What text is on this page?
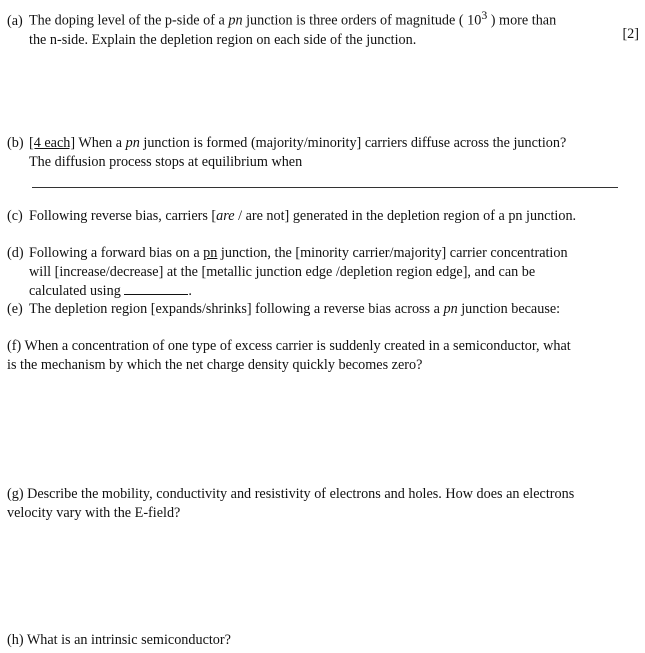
(a) The doping level of the p-side of a pn junction is three orders of magnitude ( $10^3$ ) more than
the n-side. Explain the depletion region on each side of the junction.	[2]
(b) [4 each] When a pn junction is formed (majority/minority] carriers diffuse across the junction?
The diffusion process stops at equilibrium when
(c) Following reverse bias, carriers [are / are not] generated in the depletion region of a pn junction.
(d) Following a forward bias on a pn junction, the [minority carrier/majority] carrier concentration
will [increase/decrease] at the [metallic junction edge /depletion region edge], and can be
calculated using	.
(e) The depletion region [expands/shrinks] following a reverse bias across a pn junction because:
(f) When a concentration of one type of excess carrier is suddenly created in a semiconductor, what
is the mechanism by which the net charge density quickly becomes zero?
(g) Describe the mobility, conductivity and resistivity of electrons and holes. How does an electrons
velocity vary with the E-field?
(h) What is an intrinsic semiconductor?
